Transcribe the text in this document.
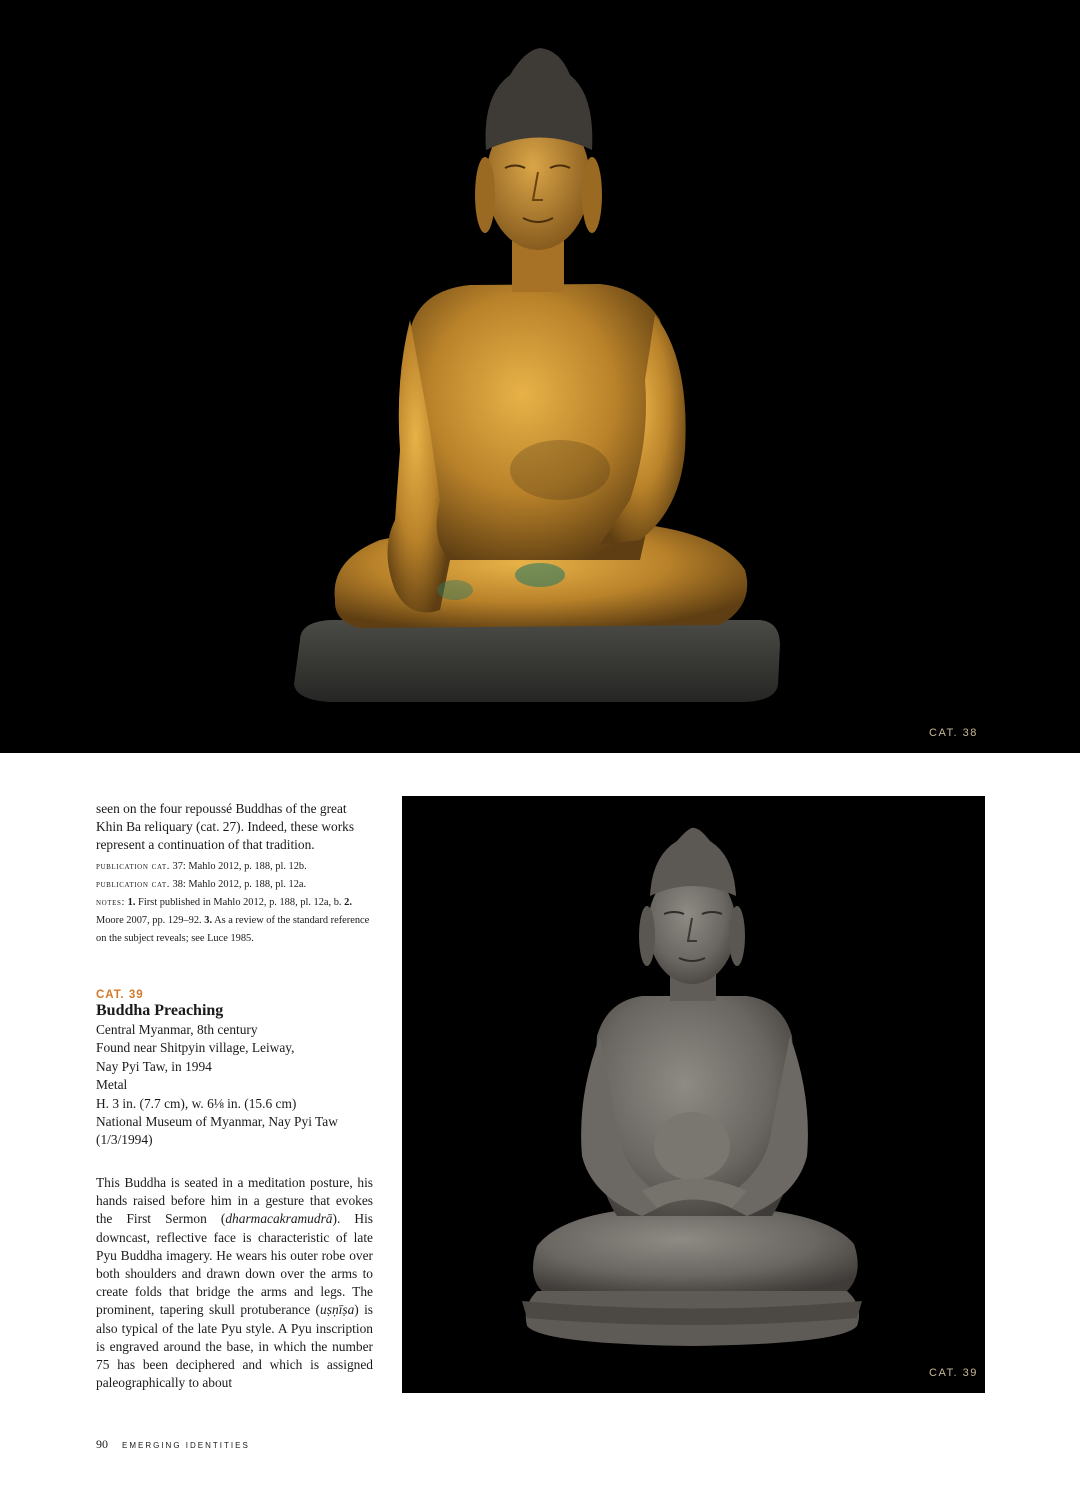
CAT. 38

seen on the four repoussé Buddhas of the great

Khin Ba reliquary (cat. 27). Indeed, these works

represent a continuation of that tradition.

publication cat. 37: Mahlo 2012, p. 188, pl. 12b.

publication cat. 38: Mahlo 2012, p. 188, pl. 12a.

notes: 1. First published in Mahlo 2012, p. 188, pl. 12a, b. 2. Moore 2007, pp. 129–92. 3. As a review of the standard reference on the subject reveals; see Luce 1985.

CAT. 39

Buddha Preaching

Central Myanmar, 8th century

Found near Shitpyin village, Leiway,

Nay Pyi Taw, in 1994

Metal

H. 3 in. (7.7 cm), w. 6⅛ in. (15.6 cm)

National Museum of Myanmar, Nay Pyi Taw

(1/3/1994)

This Buddha is seated in a meditation posture, his hands raised before him in a gesture that evokes the First Sermon (dharmacakramudrā). His downcast, reflective face is characteristic of late Pyu Buddha imagery. He wears his outer robe over both shoulders and drawn down over the arms to create folds that bridge the arms and legs. The prominent, tapering skull protuberance (uṣṇīṣa) is also typical of the late Pyu style. A Pyu inscription is engraved around the base, in which the number 75 has been deciphered and which is assigned paleographically to about

CAT. 39
90 EMERGING IDENTITIES
